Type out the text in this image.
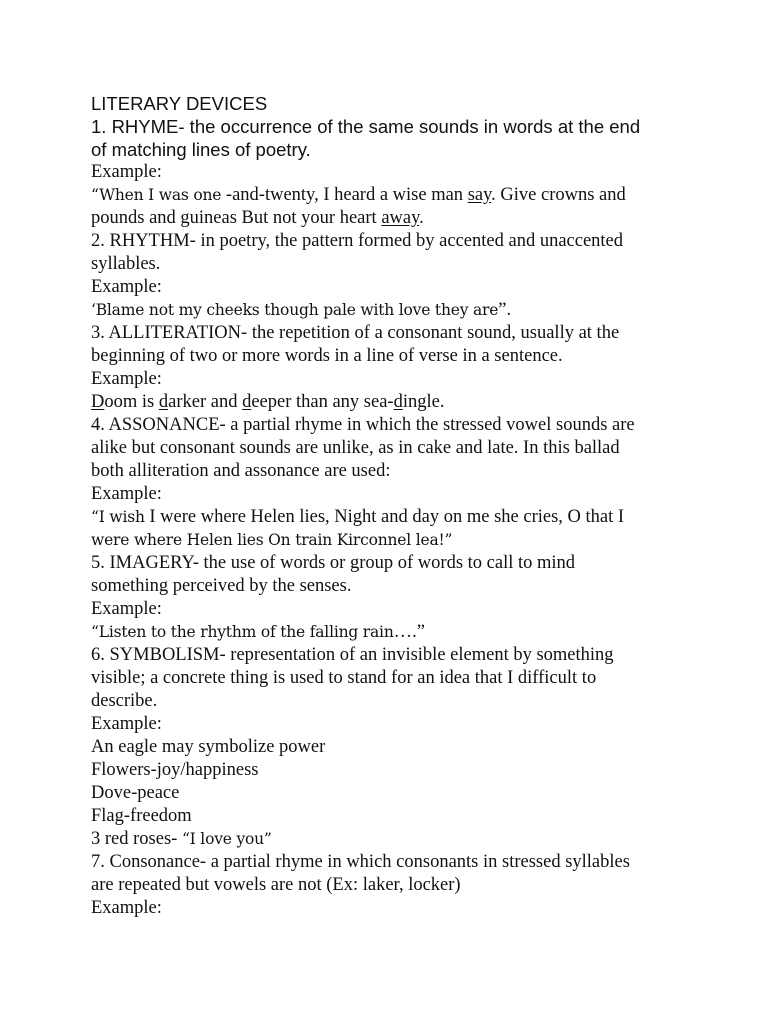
LITERARY DEVICES
1. RHYME- the occurrence of the same sounds in words at the end
of matching lines of poetry.
Example:
“When I was one -and-twenty, I heard a wise man say. Give crowns and
pounds and guineas But not your heart away.
2. RHYTHM- in poetry, the pattern formed by accented and unaccented
syllables.
Example:
‘Blame not my cheeks though pale with love they are”.
3. ALLITERATION- the repetition of a consonant sound, usually at the
beginning of two or more words in a line of verse in a sentence.
Example:
Doom is darker and deeper than any sea-dingle.
4. ASSONANCE- a partial rhyme in which the stressed vowel sounds are
alike but consonant sounds are unlike, as in cake and late. In this ballad
both alliteration and assonance are used:
Example:
“I wish I were where Helen lies, Night and day on me she cries, O that I
were where Helen lies On train Kirconnel lea!”
5. IMAGERY- the use of words or group of words to call to mind
something perceived by the senses.
Example:
“Listen to the rhythm of the falling rain….”
6. SYMBOLISM- representation of an invisible element by something
visible; a concrete thing is used to stand for an idea that I difficult to
describe.
Example:
An eagle may symbolize power
Flowers-joy/happiness
Dove-peace
Flag-freedom
3 red roses- “I love you”
7. Consonance- a partial rhyme in which consonants in stressed syllables
are repeated but vowels are not (Ex: laker, locker)
Example:
